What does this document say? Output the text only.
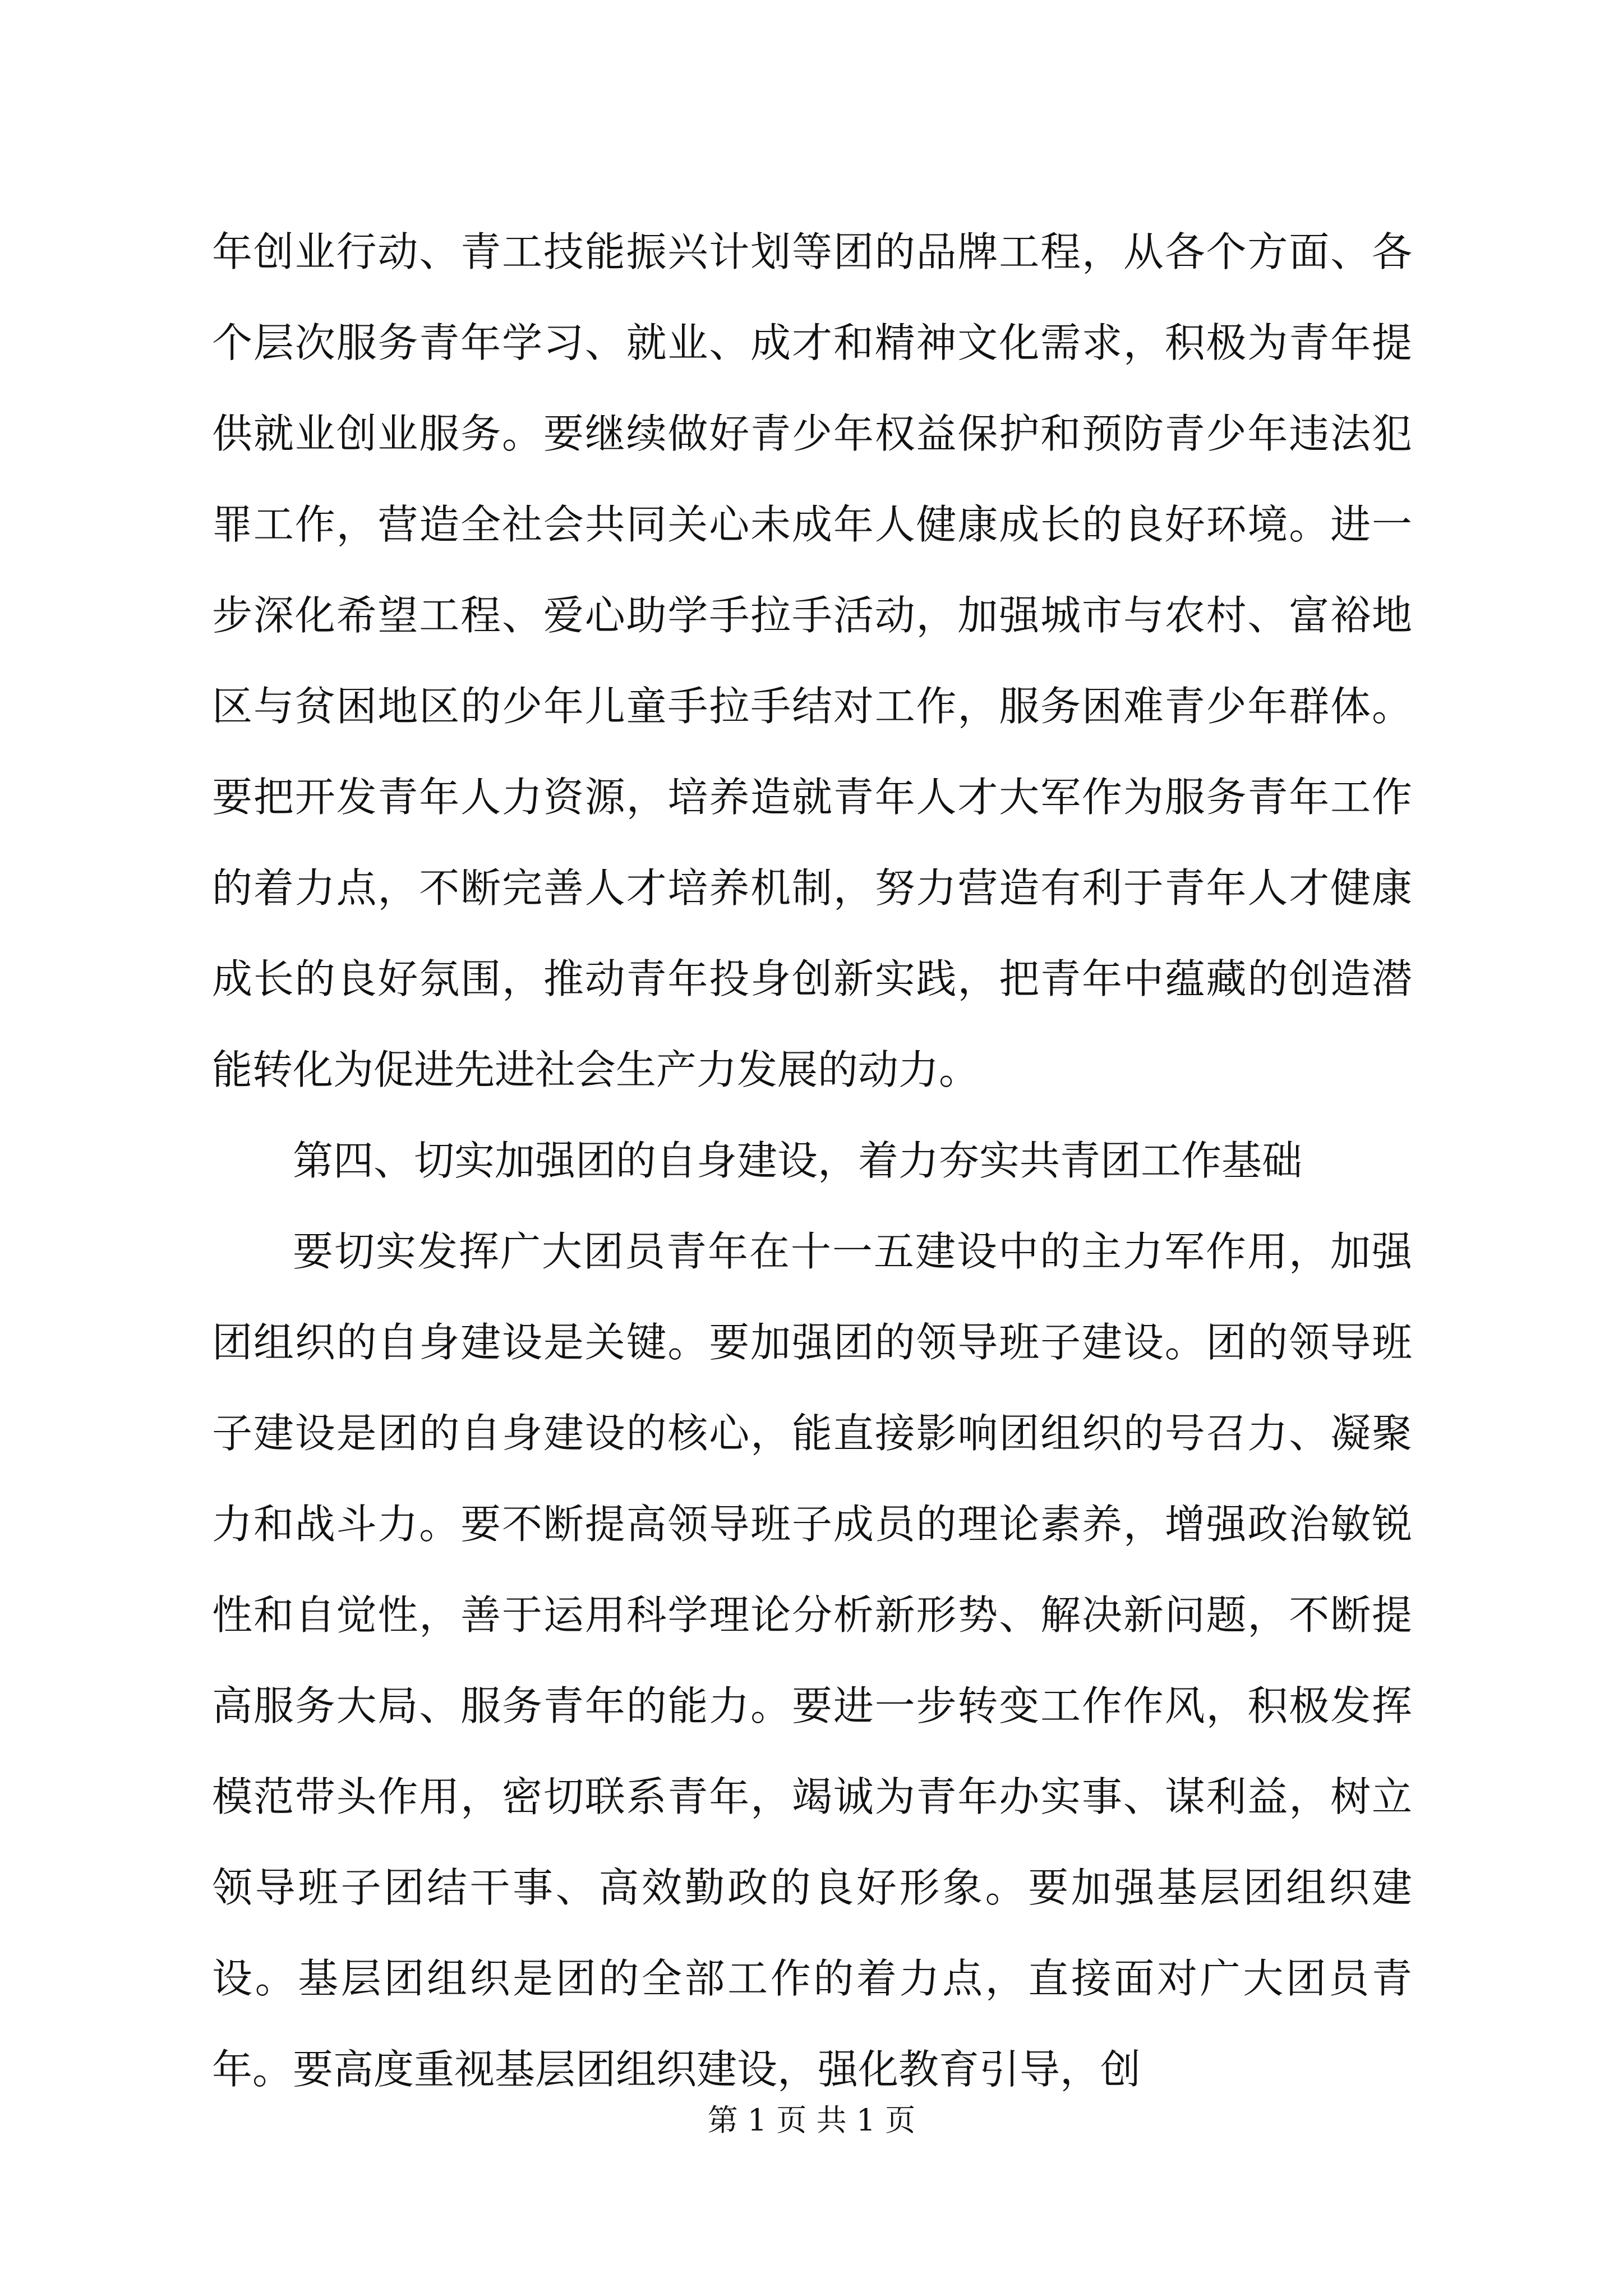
年创业行动、青工技能振兴计划等团的品牌工程，从各个方面、各个层次服务青年学习、就业、成才和精神文化需求，积极为青年提供就业创业服务。要继续做好青少年权益保护和预防青少年违法犯罪工作，营造全社会共同关心未成年人健康成长的良好环境。进一步深化希望工程、爱心助学手拉手活动，加强城市与农村、富裕地区与贫困地区的少年儿童手拉手结对工作，服务困难青少年群体。要把开发青年人力资源，培养造就青年人才大军作为服务青年工作的着力点，不断完善人才培养机制，努力营造有利于青年人才健康成长的良好氛围，推动青年投身创新实践，把青年中蕴藏的创造潜能转化为促进先进社会生产力发展的动力。

第四、切实加强团的自身建设，着力夯实共青团工作基础

要切实发挥广大团员青年在十一五建设中的主力军作用，加强团组织的自身建设是关键。要加强团的领导班子建设。团的领导班子建设是团的自身建设的核心，能直接影响团组织的号召力、凝聚力和战斗力。要不断提高领导班子成员的理论素养，增强政治敏锐性和自觉性，善于运用科学理论分析新形势、解决新问题，不断提高服务大局、服务青年的能力。要进一步转变工作作风，积极发挥模范带头作用，密切联系青年，竭诚为青年办实事、谋利益，树立领导班子团结干事、高效勤政的良好形象。要加强基层团组织建设。基层团组织是团的全部工作的着力点，直接面对广大团员青年。要高度重视基层团组织建设，强化教育引导，创

第 1 页 共 1 页
